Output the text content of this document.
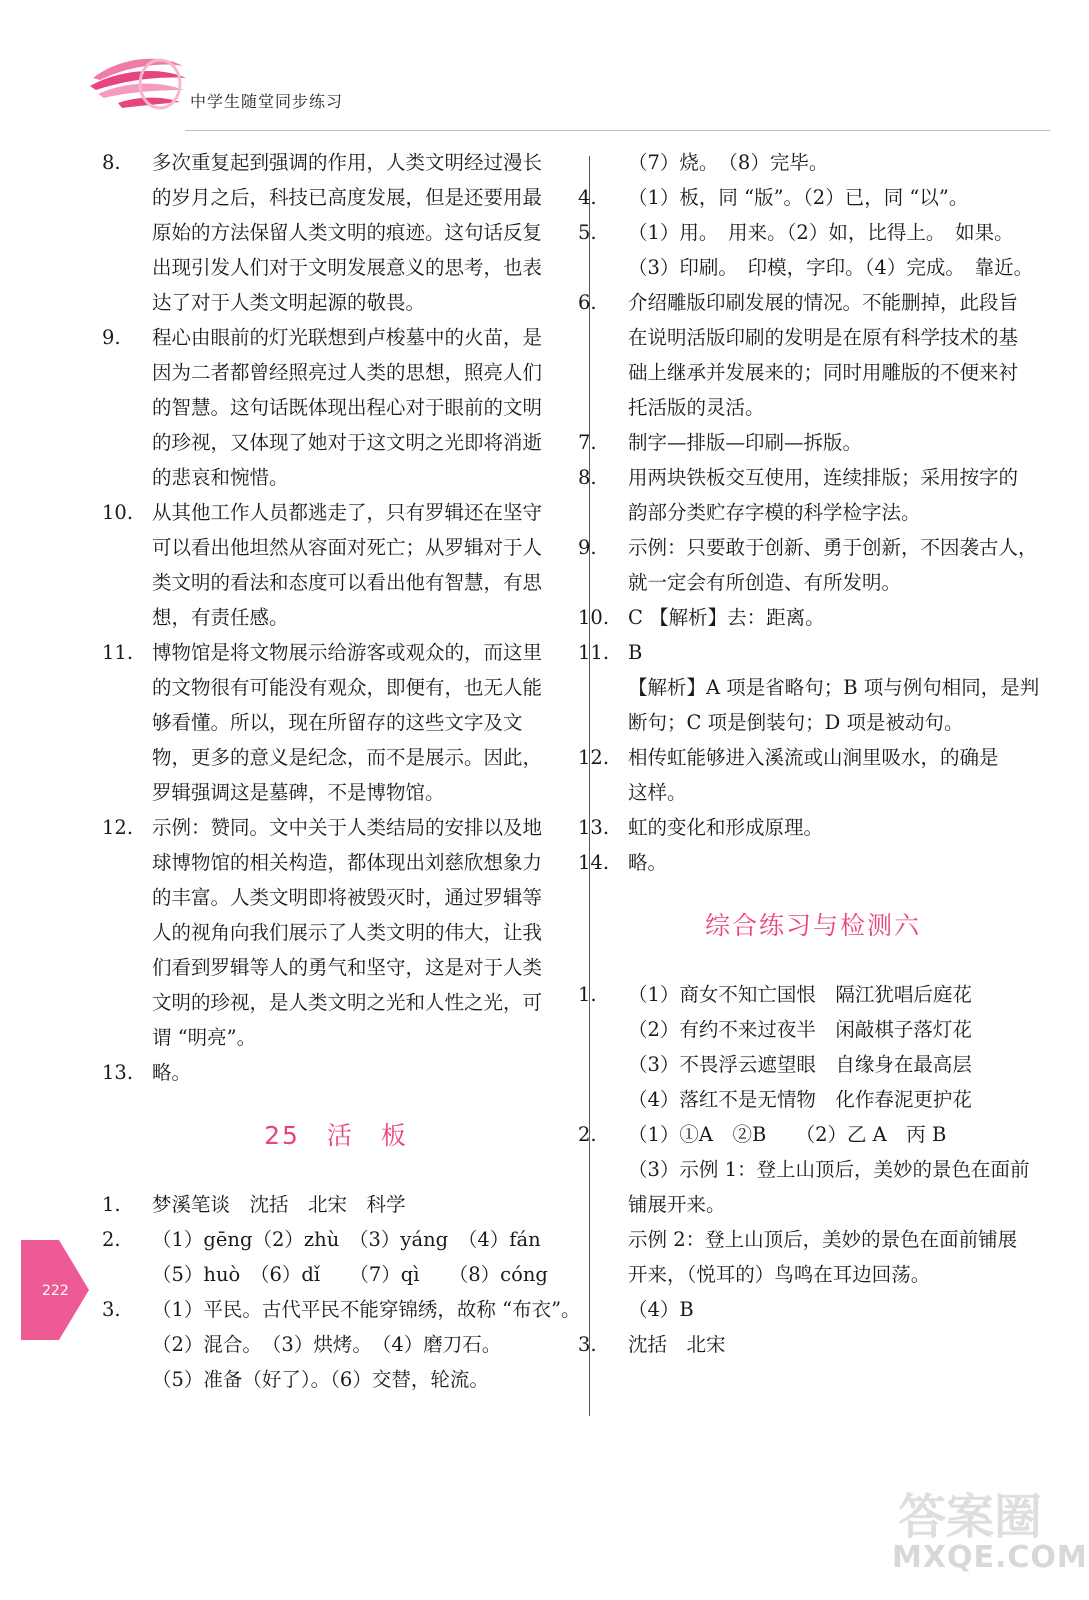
中学生随堂同步练习
8. 多次重复起到强调的作用，人类文明经过漫长
的岁月之后，科技已高度发展，但是还要用最
原始的方法保留人类文明的痕迹。这句话反复
出现引发人们对于文明发展意义的思考，也表
达了对于人类文明起源的敬畏。
9. 程心由眼前的灯光联想到卢梭墓中的火苗，是
因为二者都曾经照亮过人类的思想，照亮人们
的智慧。这句话既体现出程心对于眼前的文明
的珍视，又体现了她对于这文明之光即将消逝
的悲哀和惋惜。
10. 从其他工作人员都逃走了，只有罗辑还在坚守
可以看出他坦然从容面对死亡；从罗辑对于人
类文明的看法和态度可以看出他有智慧，有思
想，有责任感。
11. 博物馆是将文物展示给游客或观众的，而这里
的文物很有可能没有观众，即便有，也无人能
够看懂。所以，现在所留存的这些文字及文
物，更多的意义是纪念，而不是展示。因此，
罗辑强调这是墓碑，不是博物馆。
12. 示例：赞同。文中关于人类结局的安排以及地
球博物馆的相关构造，都体现出刘慈欣想象力
的丰富。人类文明即将被毁灭时，通过罗辑等
人的视角向我们展示了人类文明的伟大，让我
们看到罗辑等人的勇气和坚守，这是对于人类
文明的珍视，是人类文明之光和人性之光，可
谓 “明亮”。
13. 略。
25　活　板
1. 梦溪笔谈　沈括　北宋　科学
2. （1）gēng（2）zhù　（3）yáng　（4）fán
（5）huò　（6）dǐ　　（7）qì　　（8）cóng
3. （1）平民。古代平民不能穿锦绣，故称 “布衣”。
（2）混合。　（3）烘烤。　（4）磨刀石。
（5）准备（好了）。（6）交替，轮流。
（7）烧。　（8）完毕。
4. （1）板，同 “版”。（2）已，同 “以”。
5. （1）用。　用来。（2）如，比得上。　如果。
（3）印刷。　印模，字印。（4）完成。　靠近。
6. 介绍雕版印刷发展的情况。不能删掉，此段旨
在说明活版印刷的发明是在原有科学技术的基
础上继承并发展来的；同时用雕版的不便来衬
托活版的灵活。
7. 制字—排版—印刷—拆版。
8. 用两块铁板交互使用，连续排版；采用按字的
韵部分类贮存字模的科学检字法。
9. 示例：只要敢于创新、勇于创新，不因袭古人，
就一定会有所创造、有所发明。
10. C 【解析】去：距离。
11. B
【解析】A 项是省略句；B 项与例句相同，是判
断句；C 项是倒装句；D 项是被动句。
12. 相传虹能够进入溪流或山涧里吸水，的确是
这样。
13. 虹的变化和形成原理。
14. 略。
综合练习与检测六
1. （1）商女不知亡国恨　隔江犹唱后庭花
（2）有约不来过夜半　闲敲棋子落灯花
（3）不畏浮云遮望眼　自缘身在最高层
（4）落红不是无情物　化作春泥更护花
2. （1）①A　②B　　（2）乙 A　丙 B
（3）示例 1：登上山顶后，美妙的景色在面前
铺展开来。
示例 2：登上山顶后，美妙的景色在面前铺展
开来，（悦耳的）鸟鸣在耳边回荡。
（4）B
3. 沈括　北宋
222
答案圈
MXQE.COM
